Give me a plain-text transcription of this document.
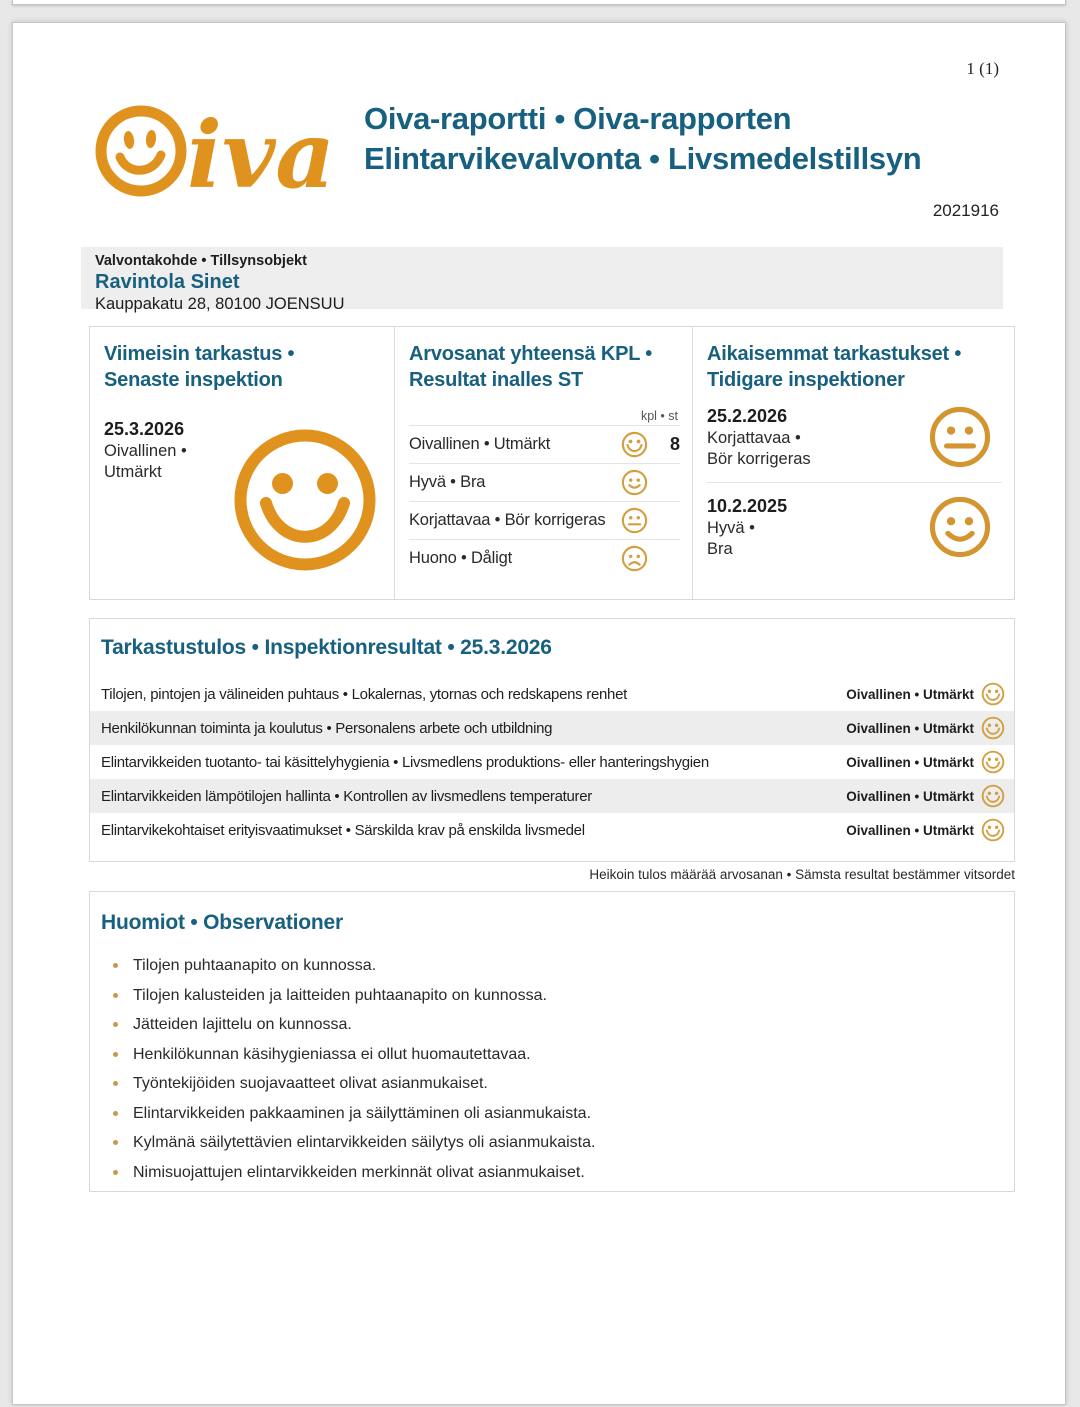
1 (1)
iva Oiva-raportti • Oiva-rapporten
Elintarvikevalvonta • Livsmedelstillsyn
2021916
Valvontakohde • Tillsynsobjekt
Ravintola Sinet
Kauppakatu 28, 80100 JOENSUU
Viimeisin tarkastus •
Senaste inspektion
25.3.2026
Oivallinen •
Utmärkt
Arvosanat yhteensä KPL •
Resultat inalles ST
kpl • st
Oivallinen • Utmärkt	8
Hyvä • Bra
Korjattavaa • Bör korrigeras
Huono • Dåligt
Aikaisemmat tarkastukset •
Tidigare inspektioner
25.2.2026
Korjattavaa •
Bör korrigeras
10.2.2025
Hyvä •
Bra
Tarkastustulos • Inspektionresultat • 25.3.2026
Tilojen, pintojen ja välineiden puhtaus • Lokalernas, ytornas och redskapens renhet	Oivallinen • Utmärkt
Henkilökunnan toiminta ja koulutus • Personalens arbete och utbildning	Oivallinen • Utmärkt
Elintarvikkeiden tuotanto- tai käsittelyhygienia • Livsmedlens produktions- eller hanteringshygien	Oivallinen • Utmärkt
Elintarvikkeiden lämpötilojen hallinta • Kontrollen av livsmedlens temperaturer	Oivallinen • Utmärkt
Elintarvikekohtaiset erityisvaatimukset • Särskilda krav på enskilda livsmedel	Oivallinen • Utmärkt
Heikoin tulos määrää arvosanan • Sämsta resultat bestämmer vitsordet
Huomiot • Observationer
Tilojen puhtaanapito on kunnossa.
Tilojen kalusteiden ja laitteiden puhtaanapito on kunnossa.
Jätteiden lajittelu on kunnossa.
Henkilökunnan käsihygieniassa ei ollut huomautettavaa.
Työntekijöiden suojavaatteet olivat asianmukaiset.
Elintarvikkeiden pakkaaminen ja säilyttäminen oli asianmukaista.
Kylmänä säilytettävien elintarvikkeiden säilytys oli asianmukaista.
Nimisuojattujen elintarvikkeiden merkinnät olivat asianmukaiset.
